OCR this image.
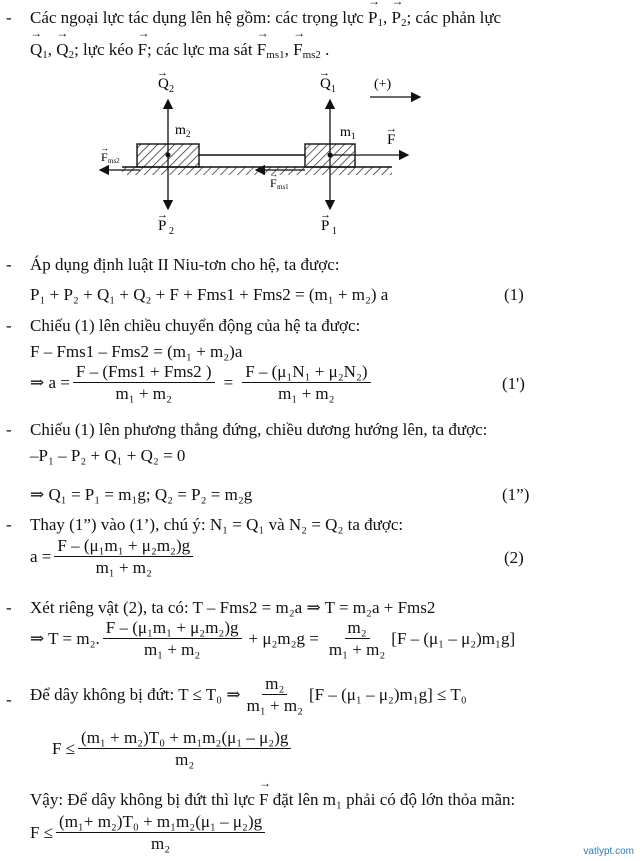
- Các ngoại lực tác dụng lên hệ gồm: các trọng lực → $P_1$, → $P_2$; các phản lực
→ $Q_1$, → $Q_2$; lực kéo → F; các lực ma sát → $F_{ms1}$, → $F_{ms2}$ .
Q 2
→
Q 1
→
(+)
m 2	m 1 F
→
F ms2
→
F ms1
→
P 2
→
P 1
→
- Áp dụng định luật II Niu-tơn cho hệ, ta được:
P₁ + P₂ + Q₁ + Q₂ + F + Fms1 + Fms2 = (m₁ + m₂) a	(1)
- Chiếu (1) lên chiều chuyển động của hệ ta được:
F – Fms1 – Fms2 = (m₁ + m₂)a
⇒ $a = \frac{\text{F – (Fms1 + Fms2 )}}{\text{m₁ + m₂}} = \frac{\text{F – (μ₁N₁ + μ₂N₂)}}{\text{m₁ + m₂}}$	(1')
- Chiếu (1) lên phương thẳng đứng, chiều dương hướng lên, ta được:
–P₁ – P₂ + Q₁ + Q₂ = 0
⇒ Q₁ = P₁ = m₁g; Q₂ = P₂ = m₂g	(1”)
- Thay (1”) vào (1’), chú ý: N₁ = Q₁ và N₂ = Q₂ ta được:
$a = \frac{\text{F – (μ₁m₁ + μ₂m₂)g}}{\text{m₁ + m₂}}$	(2)
- Xét riêng vật (2), ta có: T – Fms2 = m₂a ⇒ T = m₂a + Fms2
⇒ T = m₂. $\frac{\text{F – (μ₁m₁ + μ₂m₂)g}}{\text{m₁ + m₂}} + \mu_2m_2g = \frac{\text{m₂}}{\text{m₁ + m₂}} [F - (\mu_1 - \mu_2)m_1g]$
- Để dây không bị đứt: T ≤ T₀ ⇒ $\frac{\text{m₂}}{\text{m₁ + m₂}} [F - (\mu_1 - \mu_2)m_1g] \le T_0$
$F \le \frac{\text{(m₁ + m₂)T₀ + m₁m₂(μ₁ – μ₂)g}}{\text{m₂}}$
Vậy: Để dây không bị đứt thì lực → F đặt lên m₁ phải có độ lớn thỏa mãn:
$F \le \frac{\text{(m₁+ m₂)T₀ + m₁m₂(μ₁ – μ₂)g}}{\text{m₂}}$	vatlypt.com
